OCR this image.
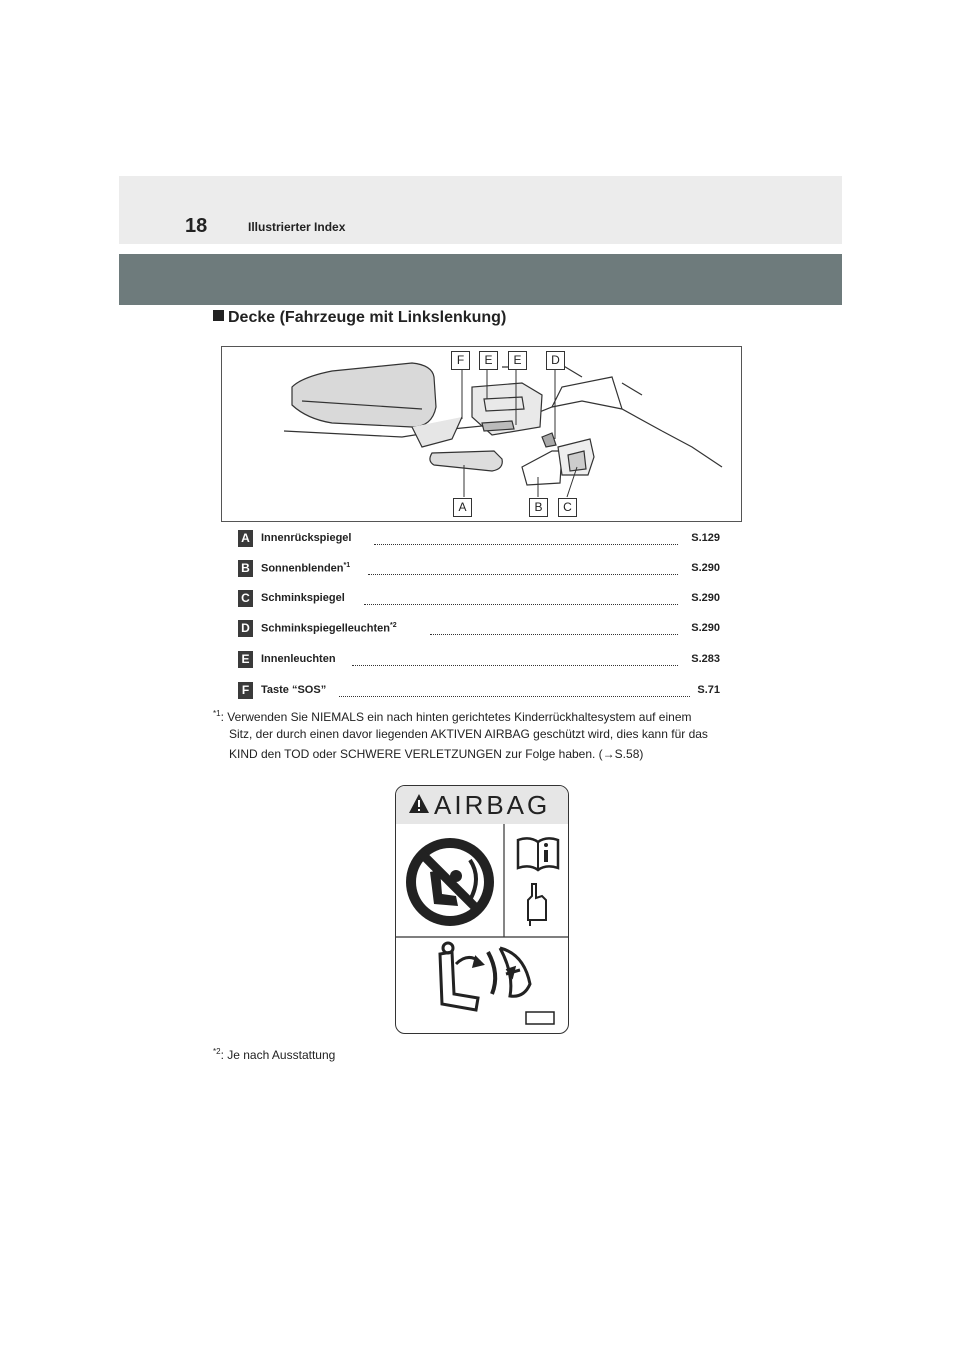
18	Illustrierter Index
Decke (Fahrzeuge mit Linkslenkung)
F	E	E	D
A	B	C
A Innenrückspiegel	S.129
B Sonnenblenden$^{*1}$	S.290
C Schminkspiegel	S.290
D Schminkspiegelleuchten$^{*2}$	S.290
E	Innenleuchten	S.283
F	Taste “SOS”	S.71
$^{*1}$: Verwenden Sie NIEMALS ein nach hinten gerichtetes Kinderrückhaltesystem auf einem
Sitz, der durch einen davor liegenden AKTIVEN AIRBAG geschützt wird, dies kann für das
KIND den TOD oder SCHWERE VERLETZUNGEN zur Folge haben. (→S.58)
AIRBAG
$^{*2}$: Je nach Ausstattung
